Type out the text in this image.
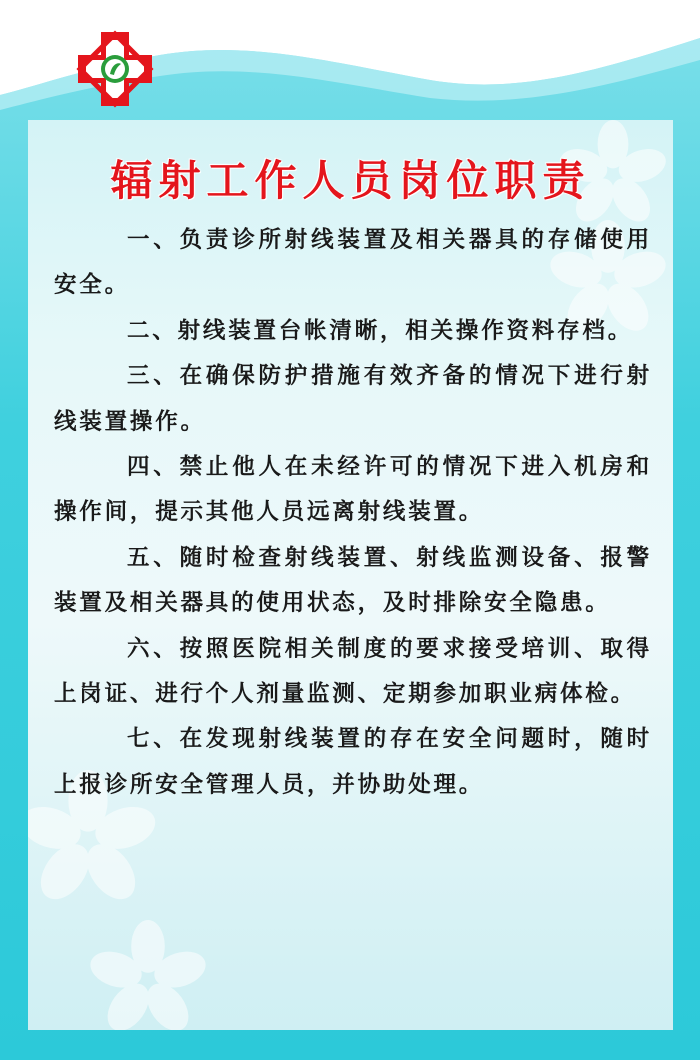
辐射工作人员岗位职责

一、负责诊所射线装置及相关器具的存储使用安全。

二、射线装置台帐清晰，相关操作资料存档。

三、在确保防护措施有效齐备的情况下进行射线装置操作。

四、禁止他人在未经许可的情况下进入机房和操作间，提示其他人员远离射线装置。

五、随时检查射线装置、射线监测设备、报警装置及相关器具的使用状态，及时排除安全隐患。

六、按照医院相关制度的要求接受培训、取得上岗证、进行个人剂量监测、定期参加职业病体检。

七、在发现射线装置的存在安全问题时，随时上报诊所安全管理人员，并协助处理。
